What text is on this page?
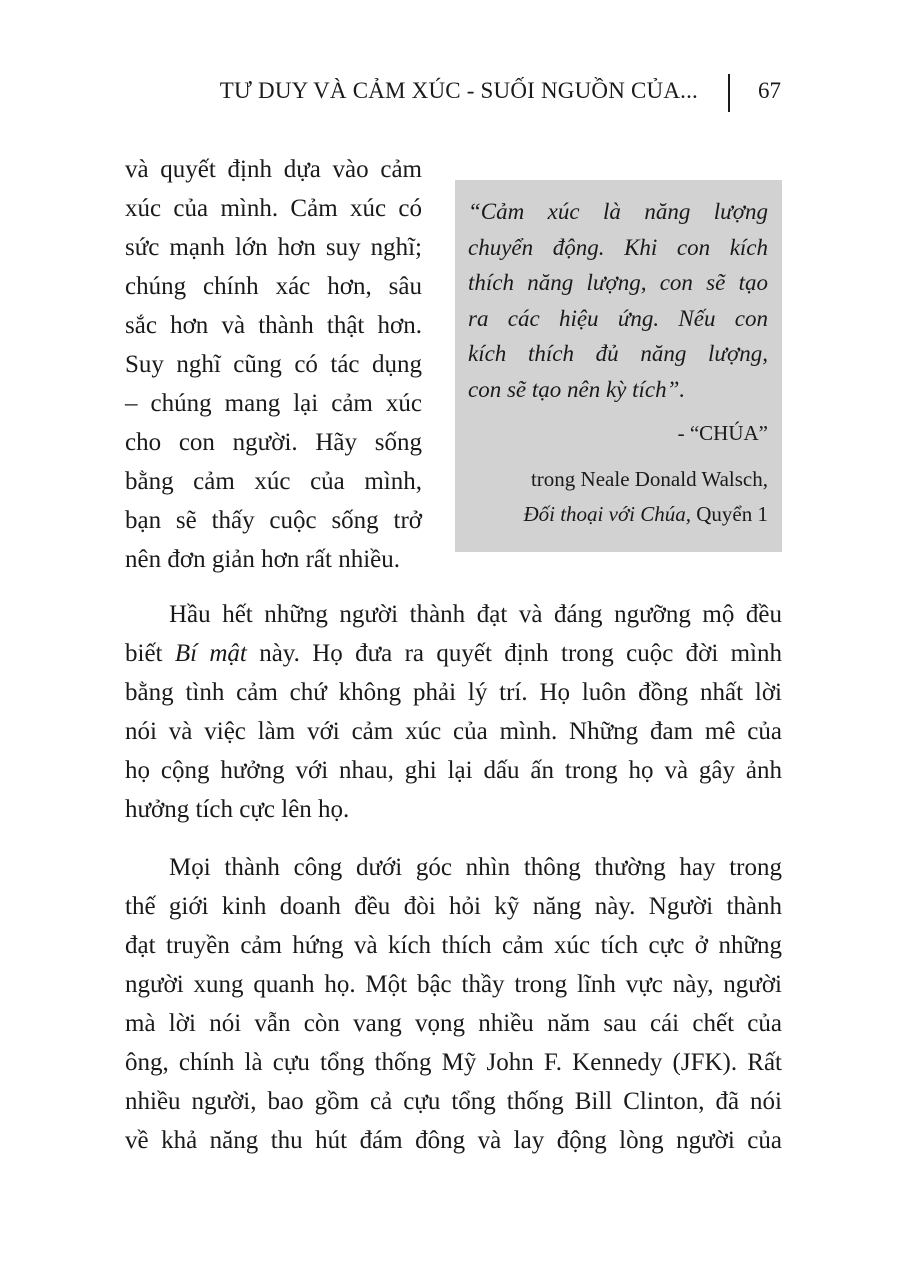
TƯ DUY VÀ CẢM XÚC - SUỐI NGUỒN CỦA...	67
và quyết định dựa vào cảm
xúc của mình. Cảm xúc có
sức mạnh lớn hơn suy nghĩ;
chúng chính xác hơn, sâu
sắc hơn và thành thật hơn.
Suy nghĩ cũng có tác dụng
– chúng mang lại cảm xúc
cho con người. Hãy sống
bằng cảm xúc của mình,
bạn sẽ thấy cuộc sống trở
nên đơn giản hơn rất nhiều.
“Cảm xúc là năng lượng
chuyển động. Khi con kích
thích năng lượng, con sẽ tạo
ra các hiệu ứng. Nếu con
kích thích đủ năng lượng,
con sẽ tạo nên kỳ tích”.
- “CHÚA”
trong Neale Donald Walsch,
Đối thoại với Chúa, Quyển 1
Hầu hết những người thành đạt và đáng ngưỡng mộ đều
biết Bí mật này. Họ đưa ra quyết định trong cuộc đời mình
bằng tình cảm chứ không phải lý trí. Họ luôn đồng nhất lời
nói và việc làm với cảm xúc của mình. Những đam mê của
họ cộng hưởng với nhau, ghi lại dấu ấn trong họ và gây ảnh
hưởng tích cực lên họ.
Mọi thành công dưới góc nhìn thông thường hay trong
thế giới kinh doanh đều đòi hỏi kỹ năng này. Người thành
đạt truyền cảm hứng và kích thích cảm xúc tích cực ở những
người xung quanh họ. Một bậc thầy trong lĩnh vực này, người
mà lời nói vẫn còn vang vọng nhiều năm sau cái chết của
ông, chính là cựu tổng thống Mỹ John F. Kennedy (JFK). Rất
nhiều người, bao gồm cả cựu tổng thống Bill Clinton, đã nói
về khả năng thu hút đám đông và lay động lòng người của
